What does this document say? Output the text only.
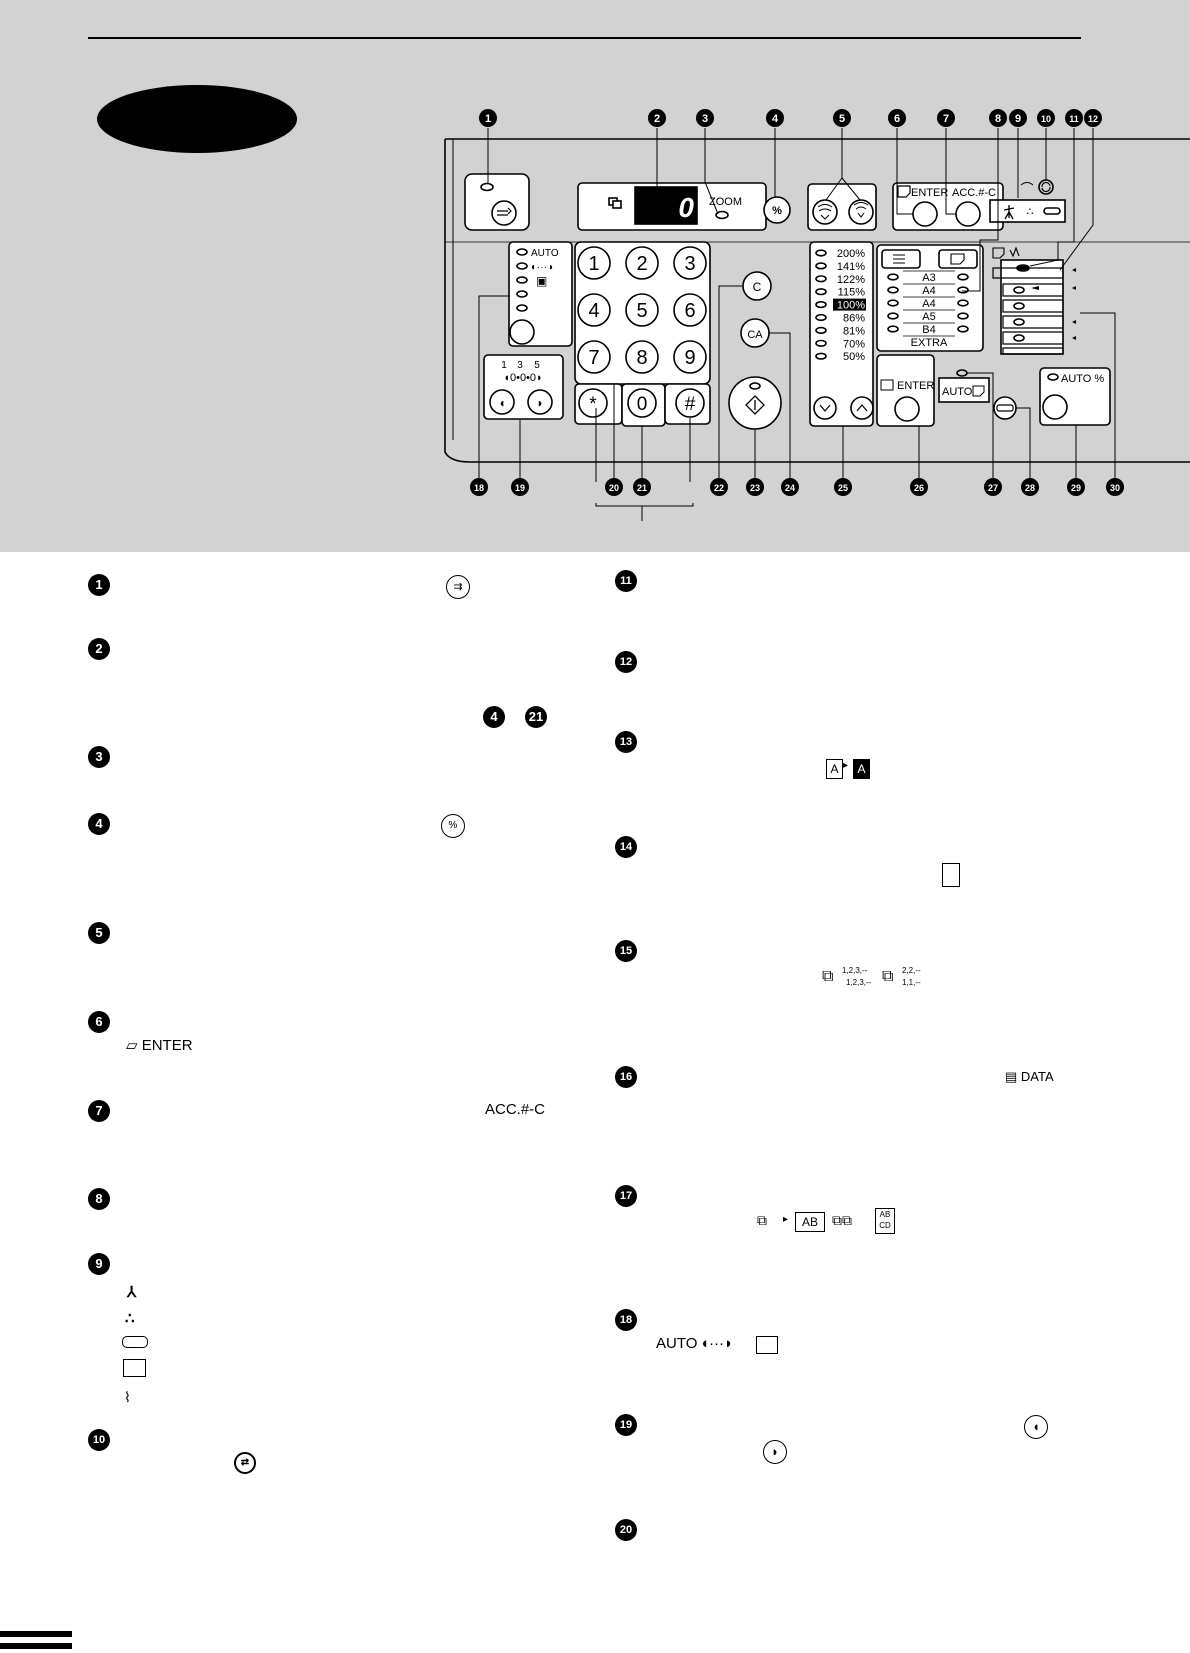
0 ZOOM
%
ENTER ACC.#-C
∴
AUTO
◐···◑
▣
1 3 5
◖0•0•0◗
◖	◗
1 2 3
4 5 6
7 8 9
* 0 #
C
CA
200%
141%
122%
115%
100%
86%
81%
70%
50%
A3
A4
A4
A5
B4
EXTRA
ENTER AUTO
AUTO %
1	2	3	4	5	6	7	8 9 10 11 12
18	19	20 21	22	23	24	25	26	27	28	29	30
1
2
3
4
5
6
7
8
9
10
11
12
13
14
15
16
17
18
19
20
⇉
4	21
%
▱ ENTER
ACC.#-C
⅄
∴
⌇
⇄
A ▸ A
⧉ 1,2,3,--
1,2,3,-- ⧉ 2,2,--
1,1,--
▤ DATA
⧉ ▸	AB	⧉⧉	AB
CD
AUTO ◖···◗
◖
◗
